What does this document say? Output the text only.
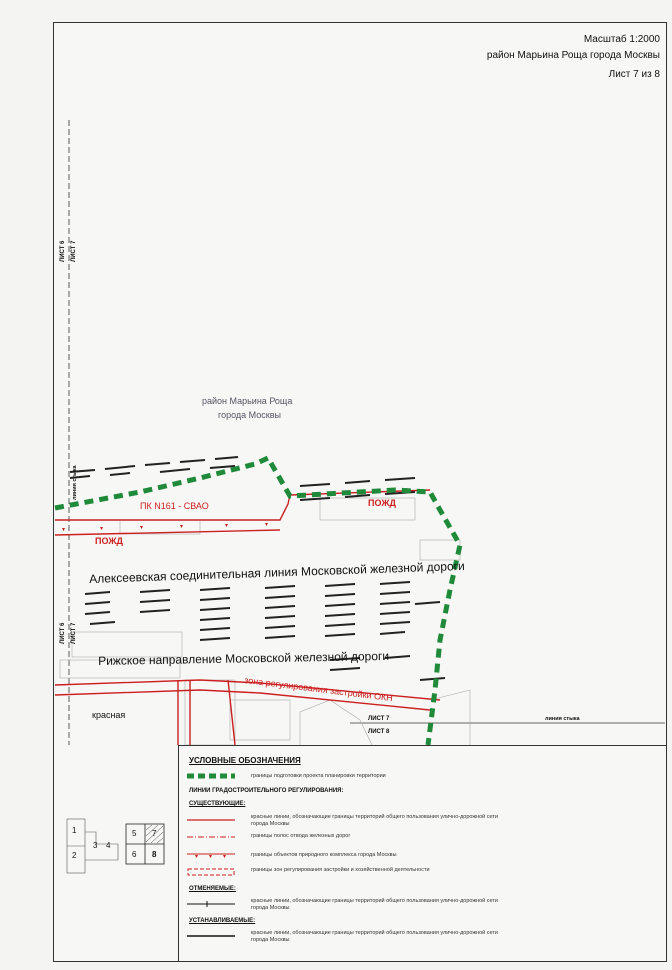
Масштаб 1:2000
район Марьина Роща города Москвы
Лист 7 из 8
район Марьина Роща
города Москвы
ПК N161 - СВАО
ПОЖД
ПОЖД
Алексеевская соединительная линия Московской железной дороги
Рижское направление Московской железной дороги
зона регулирования застройки ОКН
красная
ЛИСТ 6 ЛИСТ 7
ЛИСТ 6 ЛИСТ 7
линия стыка
ЛИСТ 7
ЛИСТ 8
линия стыка
1
2
3 4
5
6
7
8
УСЛОВНЫЕ ОБОЗНАЧЕНИЯ
границы подготовки проекта планировки территории
ЛИНИИ ГРАДОСТРОИТЕЛЬНОГО РЕГУЛИРОВАНИЯ:
СУЩЕСТВУЮЩИЕ:
красные линии, обозначающие границы территорий общего пользования улично-дорожной сети города Москвы
границы полос отвода железных дорог
границы объектов природного комплекса города Москвы
границы зон регулирования застройки и хозяйственной деятельности
ОТМЕНЯЕМЫЕ:
красные линии, обозначающие границы территорий общего пользования улично-дорожной сети города Москвы
УСТАНАВЛИВАЕМЫЕ:
красные линии, обозначающие границы территорий общего пользования улично-дорожной сети города Москвы
